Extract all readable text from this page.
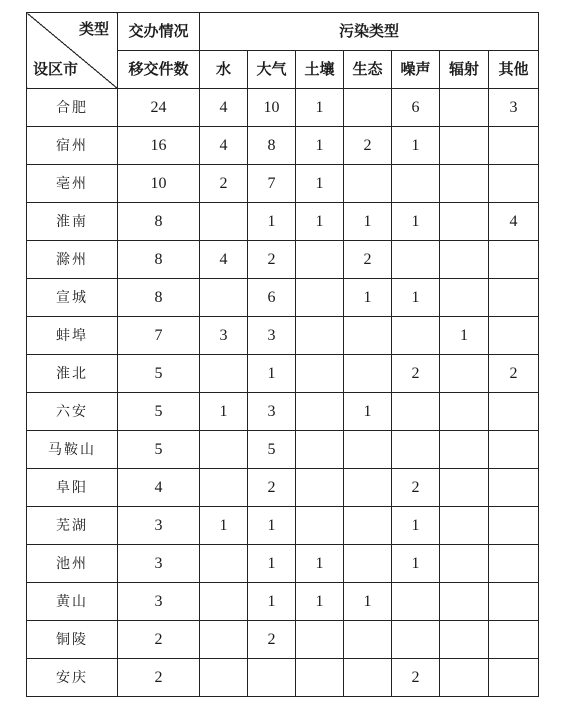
类型
设区市	交办情况	污染类型						
	移交件数	水	大气	土壤	生态	噪声	辐射	其他
合肥	24	4	10	1		6		3
宿州	16	4	8	1	2	1		
亳州	10	2	7	1				
淮南	8		1	1	1	1		4
滁州	8	4	2		2			
宣城	8		6		1	1		
蚌埠	7	3	3				1	
淮北	5		1			2		2
六安	5	1	3		1			
马鞍山	5		5					
阜阳	4		2			2		
芜湖	3	1	1			1		
池州	3		1	1		1		
黄山	3		1	1	1			
铜陵	2		2					
安庆	2					2		
